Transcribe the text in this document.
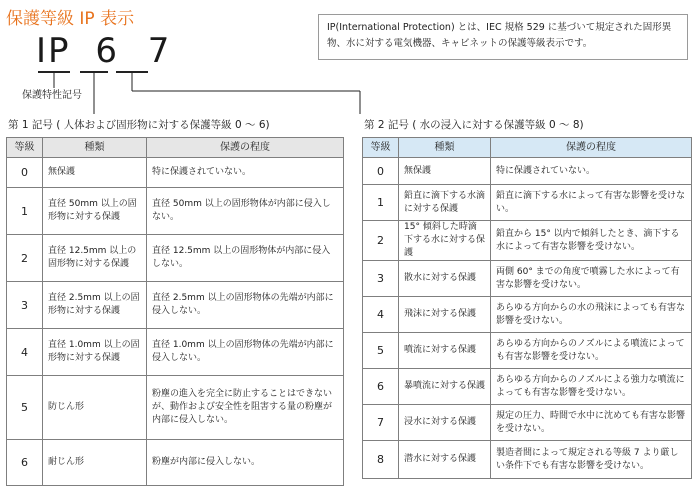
保護等級 IP 表示
IP 6 7
保護特性記号
IP(International Protection) とは、IEC 規格 529 に基づいて規定された固形異物、水に対する電気機器、キャビネットの保護等級表示です。
第 1 記号 ( 人体および固形物に対する保護等級 0 ～ 6)	第 2 記号 ( 水の浸入に対する保護等級 0 ～ 8)
等級	種類	保護の程度
0	無保護	特に保護されていない。
1	直径 50mm 以上の固形物に対する保護	直径 50mm 以上の固形物体が内部に侵入しない。
2	直径 12.5mm 以上の固形物に対する保護	直径 12.5mm 以上の固形物体が内部に侵入しない。
3	直径 2.5mm 以上の固形物に対する保護	直径 2.5mm 以上の固形物体の先端が内部に侵入しない。
4	直径 1.0mm 以上の固形物に対する保護	直径 1.0mm 以上の固形物体の先端が内部に侵入しない。
5	防じん形	粉塵の進入を完全に防止することはできないが、動作および安全性を阻害する量の粉塵が内部に侵入しない。
6	耐じん形	粉塵が内部に侵入しない。
等級	種類	保護の程度
0	無保護	特に保護されていない。
1	鉛直に滴下する水滴に対する保護	鉛直に滴下する水によって有害な影響を受けない。
2	15° 傾斜した時滴下する水に対する保護	鉛直から 15° 以内で傾斜したとき、滴下する水によって有害な影響を受けない。
3	散水に対する保護	両側 60° までの角度で噴霧した水によって有害な影響を受けない。
4	飛沫に対する保護	あらゆる方向からの水の飛沫によっても有害な影響を受けない。
5	噴流に対する保護	あらゆる方向からのノズルによる噴流によっても有害な影響を受けない。
6	暴噴流に対する保護	あらゆる方向からのノズルによる強力な噴流によっても有害な影響を受けない。
7	浸水に対する保護	規定の圧力、時間で水中に沈めても有害な影響を受けない。
8	潜水に対する保護	製造者間によって規定される等級 7 より厳しい条件下でも有害な影響を受けない。
